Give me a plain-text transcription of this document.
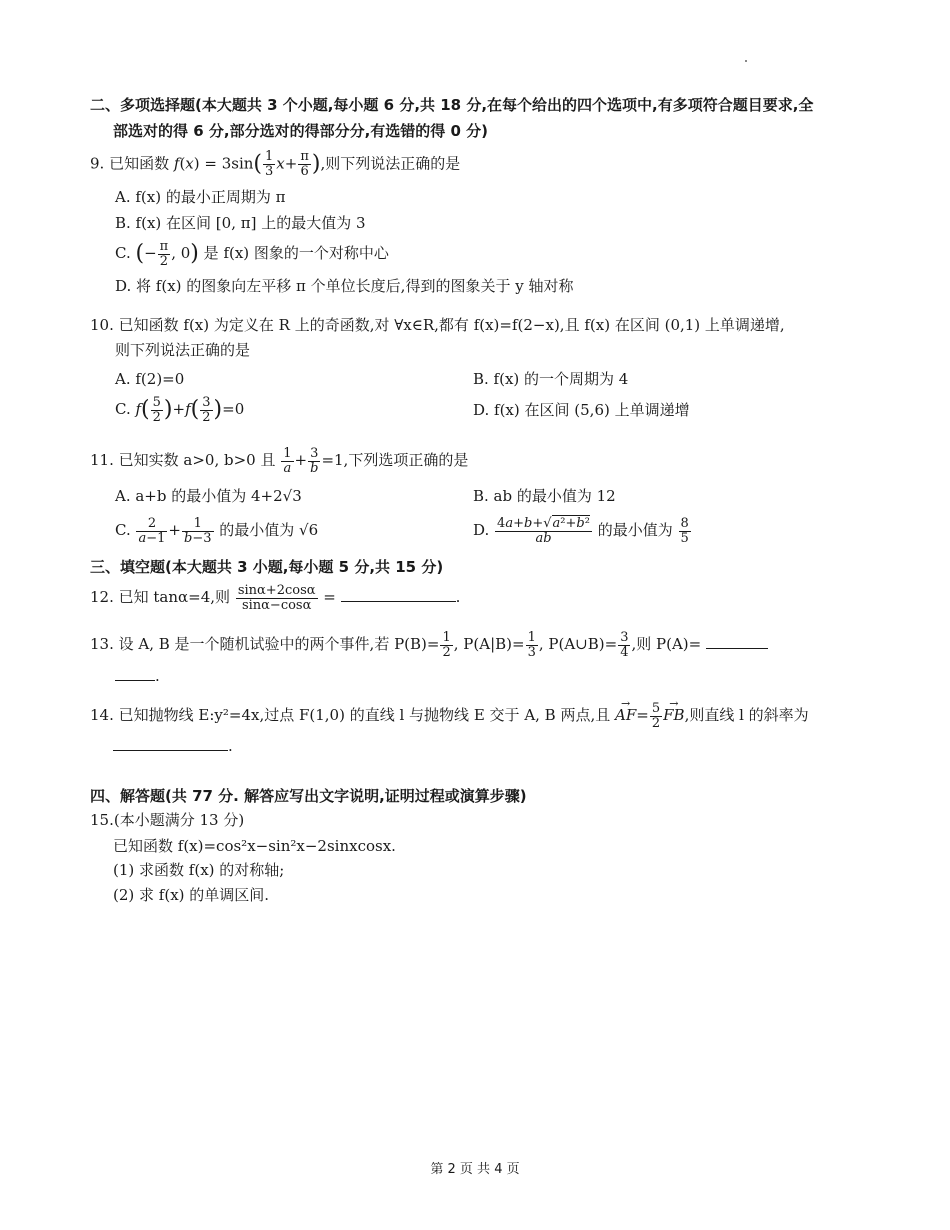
二、多项选择题(本大题共 3 个小题,每小题 6 分,共 18 分,在每个给出的四个选项中,有多项符合题目要求,全
部选对的得 6 分,部分选对的得部分分,有选错的得 0 分)
9. 已知函数 $f(x) = 3\sin( \frac{1}{3} x+ \frac{\pi}{6}$ ),则下列说法正确的是
A. f(x) 的最小正周期为 π
B. f(x) 在区间 [0, π] 上的最大值为 3
C. (− $\frac{\pi}{2}$ , 0) 是 f(x) 图象的一个对称中心
D. 将 f(x) 的图象向左平移 π 个单位长度后,得到的图象关于 y 轴对称
10. 已知函数 f(x) 为定义在 R 上的奇函数,对 ∀x∈R,都有 f(x)=f(2−x),且 f(x) 在区间 (0,1) 上单调递增,
则下列说法正确的是
A. f(2)=0	B. f(x) 的一个周期为 4
C. $f( \frac{5}{2} )+f( \frac{3}{2} )=0$	D. f(x) 在区间 (5,6) 上单调递增
11. 已知实数 a>0, b>0 且 $\frac{1}{a} + \frac{3}{b} =1$,下列选项正确的是
A. a+b 的最小值为 4+2√3	B. ab 的最小值为 12
C. $\frac{2}{a-1} + \frac{1}{b-3}$ 的最小值为 √6	D. $\frac{\text{4a+b+√a²+b²}}{ab}$ 的最小值为 $\frac{8}{5}$
三、填空题(本大题共 3 小题,每小题 5 分,共 15 分)
12. 已知 tanα=4,则 $\frac{\sin\alpha+2\cos\alpha}{\sin\alpha-\cos\alpha}$ =	.
13. 设 A, B 是一个随机试验中的两个事件,若 $P(B)= \frac{1}{2}$ , $P(A|B)= \frac{1}{3}$ , P(A∪B)= $\frac{3}{4}$ ,则 P(A)=
.
14. 已知抛物线 E:y²=4x,过点 F(1,0) 的直线 l 与抛物线 E 交于 A, B 两点,且 → $AF= \frac{5}{2}$ → FB,则直线 l 的斜率为
.
四、解答题(共 77 分. 解答应写出文字说明,证明过程或演算步骤)
15.(本小题满分 13 分)
已知函数 f(x)=cos²x−sin²x−2sinxcosx.
(1) 求函数 f(x) 的对称轴;
(2) 求 f(x) 的单调区间.
第 2 页 共 4 页
